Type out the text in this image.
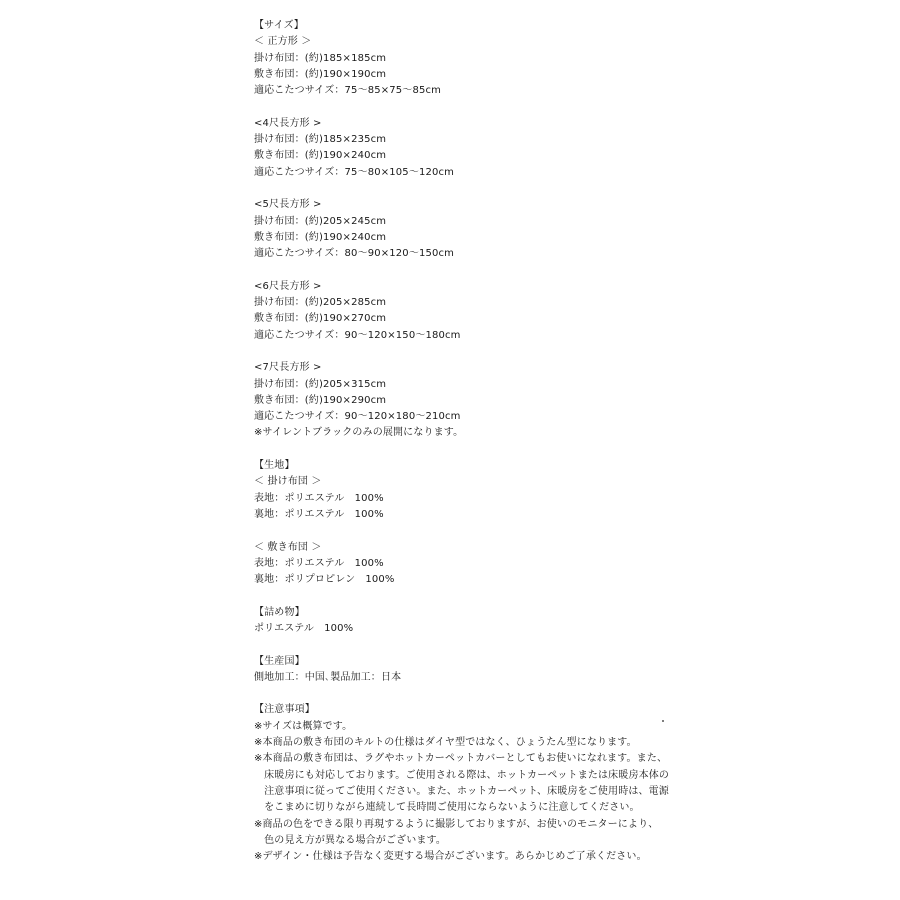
【サイズ】
＜ 正方形 ＞
掛け布団：(約)185×185cm
敷き布団：(約)190×190cm
適応こたつサイズ：75～85×75～85cm
<4尺長方形 >
掛け布団：(約)185×235cm
敷き布団：(約)190×240cm
適応こたつサイズ：75～80×105～120cm
<5尺長方形 >
掛け布団：(約)205×245cm
敷き布団：(約)190×240cm
適応こたつサイズ：80～90×120～150cm
<6尺長方形 >
掛け布団：(約)205×285cm
敷き布団：(約)190×270cm
適応こたつサイズ：90～120×150～180cm
<7尺長方形 >
掛け布団：(約)205×315cm
敷き布団：(約)190×290cm
適応こたつサイズ：90～120×180～210cm
※サイレントブラックのみの展開になります。
【生地】
＜ 掛け布団 ＞
表地：ポリエステル　100%
裏地：ポリエステル　100%
＜ 敷き布団 ＞
表地：ポリエステル　100%
裏地：ポリプロピレン　100%
【詰め物】
ポリエステル　100%
【生産国】
側地加工：中国､製品加工：日本
【注意事項】
※サイズは概算です。
※本商品の敷き布団のキルトの仕様はダイヤ型ではなく、ひょうたん型になります。
※本商品の敷き布団は、ラグやホットカーペットカバーとしてもお使いになれます。また、
　床暖房にも対応しております。ご使用される際は、ホットカーペットまたは床暖房本体の
　注意事項に従ってご使用ください。また、ホットカーペット、床暖房をご使用時は、電源
　をこまめに切りながら連続して長時間ご使用にならないように注意してください。
※商品の色をできる限り再現するように撮影しておりますが、お使いのモニターにより、
　色の見え方が異なる場合がございます。
※デザイン・仕様は予告なく変更する場合がございます。あらかじめご了承ください。
